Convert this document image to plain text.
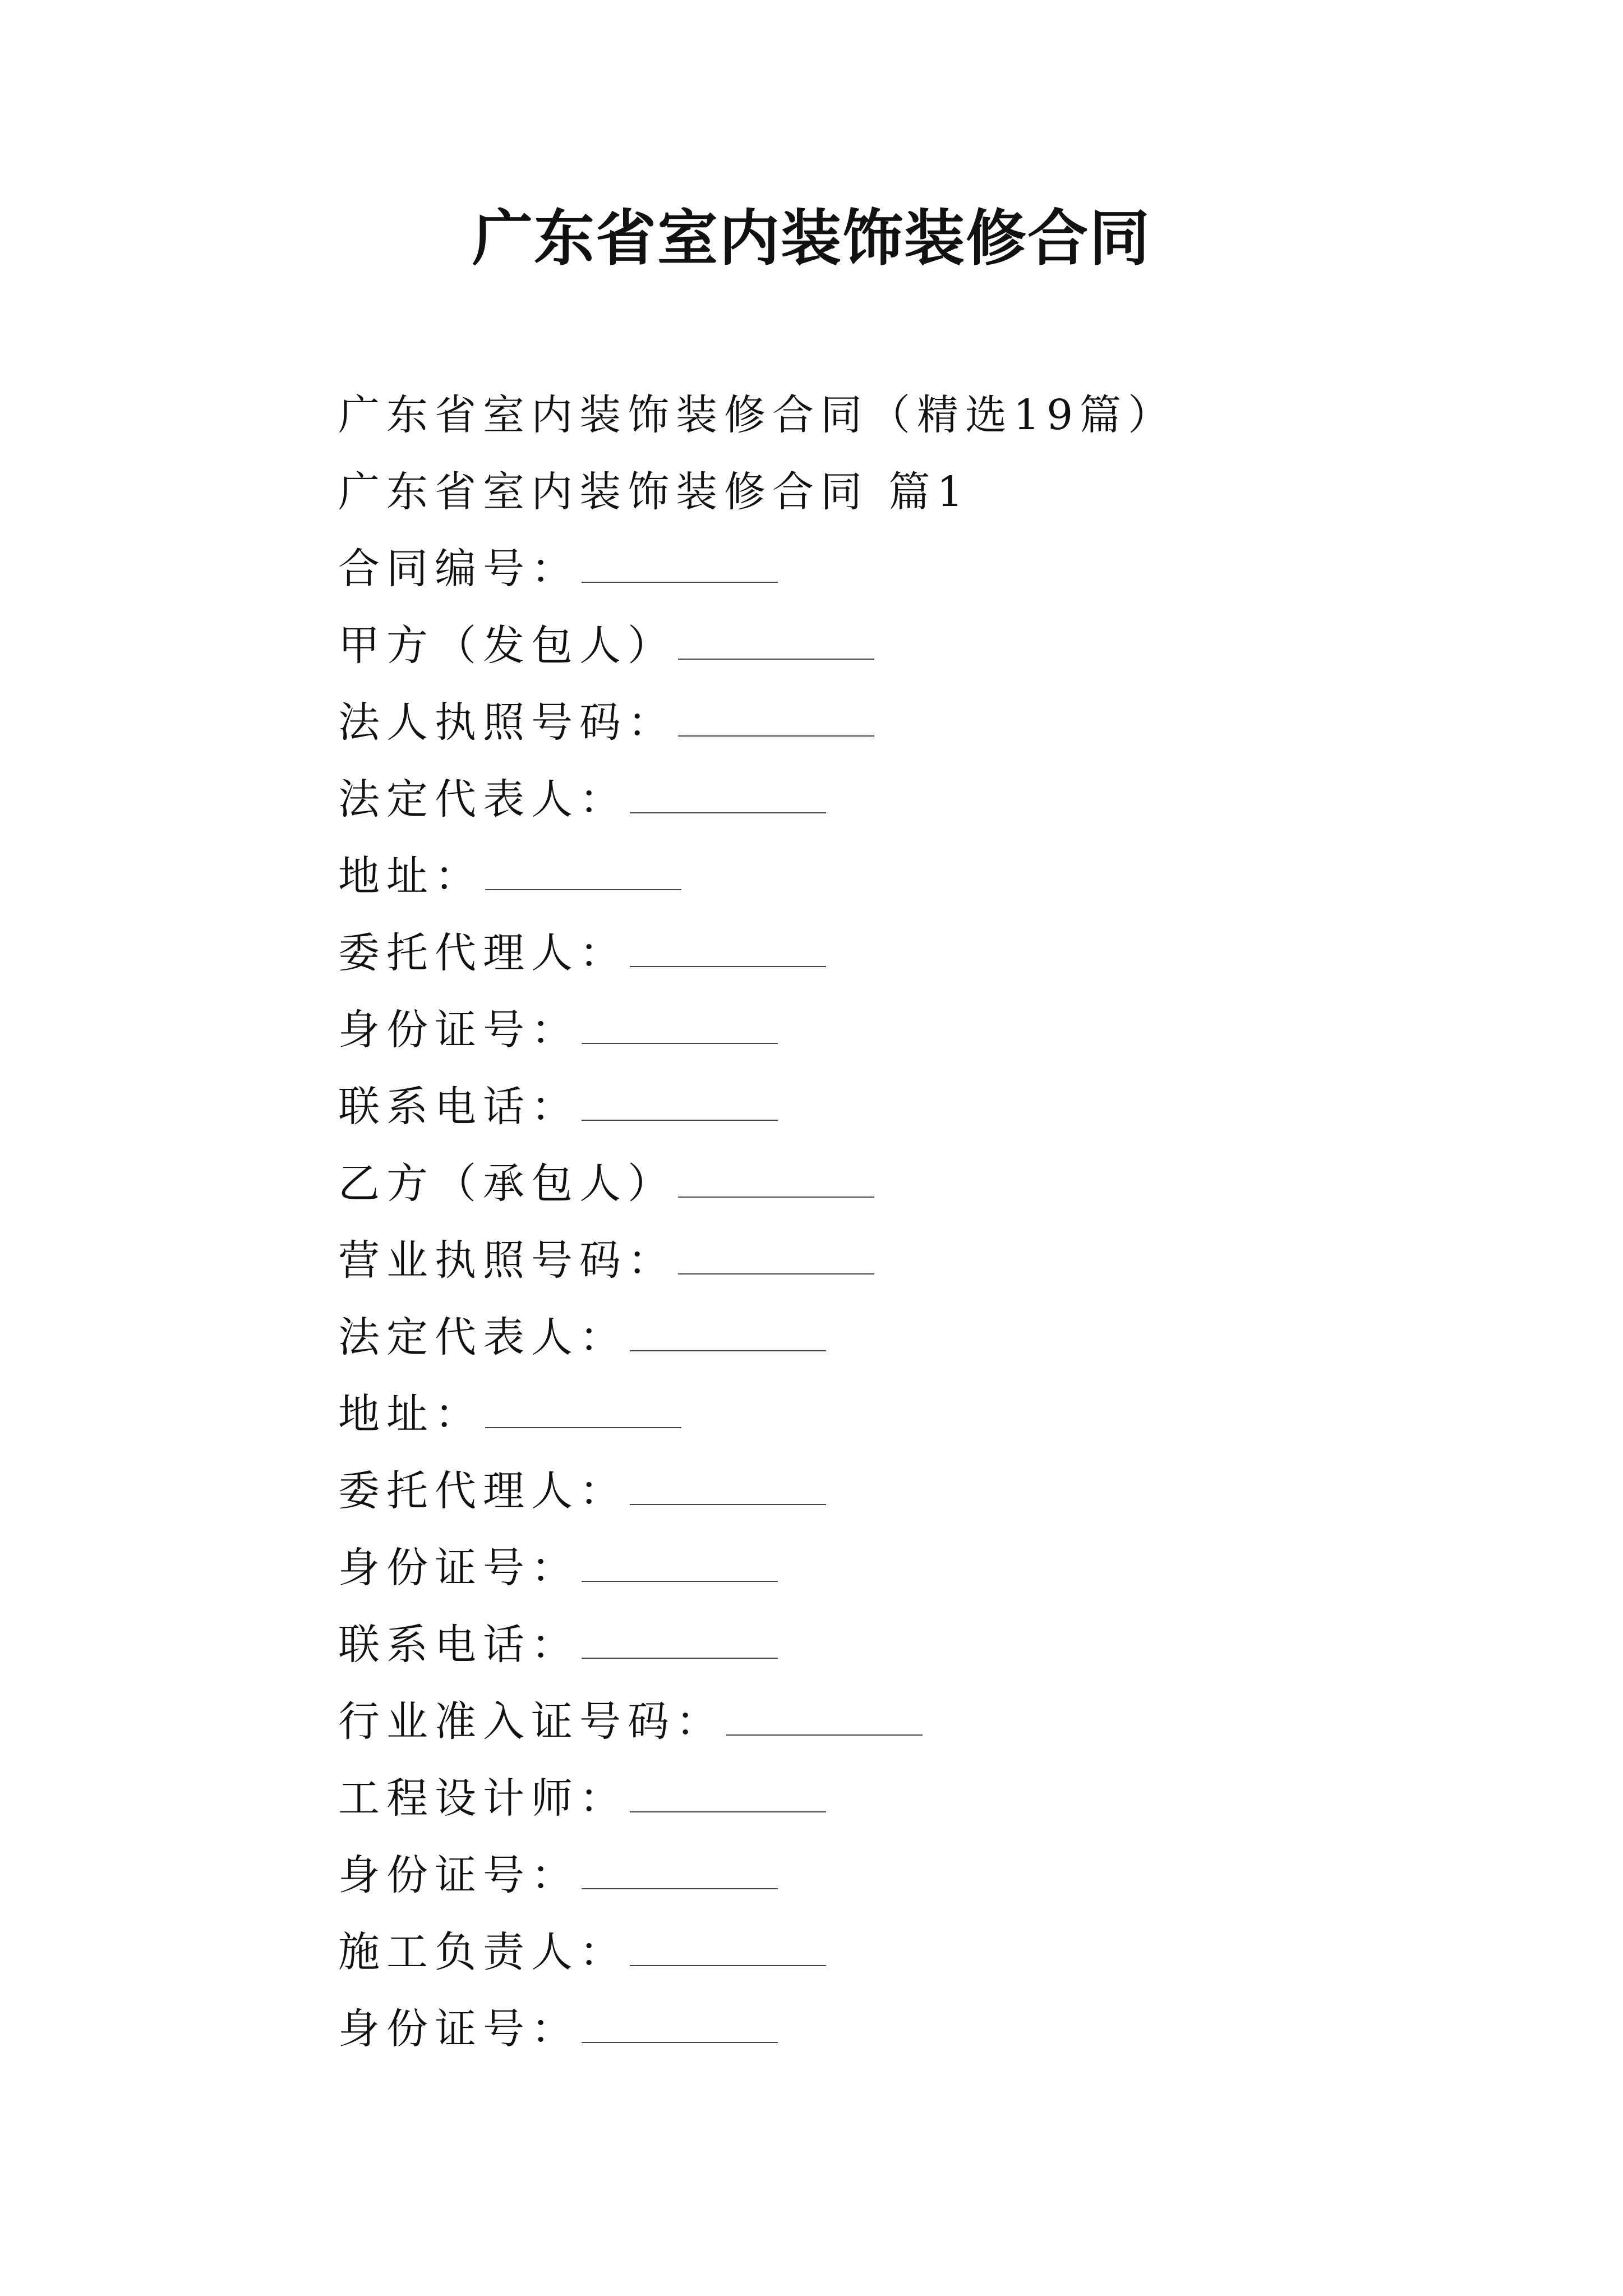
广东省室内装饰装修合同
广东省室内装饰装修合同（精选19篇）
广东省室内装饰装修合同 篇1
合同编号：
甲方（发包人）
法人执照号码：
法定代表人：
地址：
委托代理人：
身份证号：
联系电话：
乙方（承包人）
营业执照号码：
法定代表人：
地址：
委托代理人：
身份证号：
联系电话：
行业准入证号码：
工程设计师：
身份证号：
施工负责人：
身份证号：
